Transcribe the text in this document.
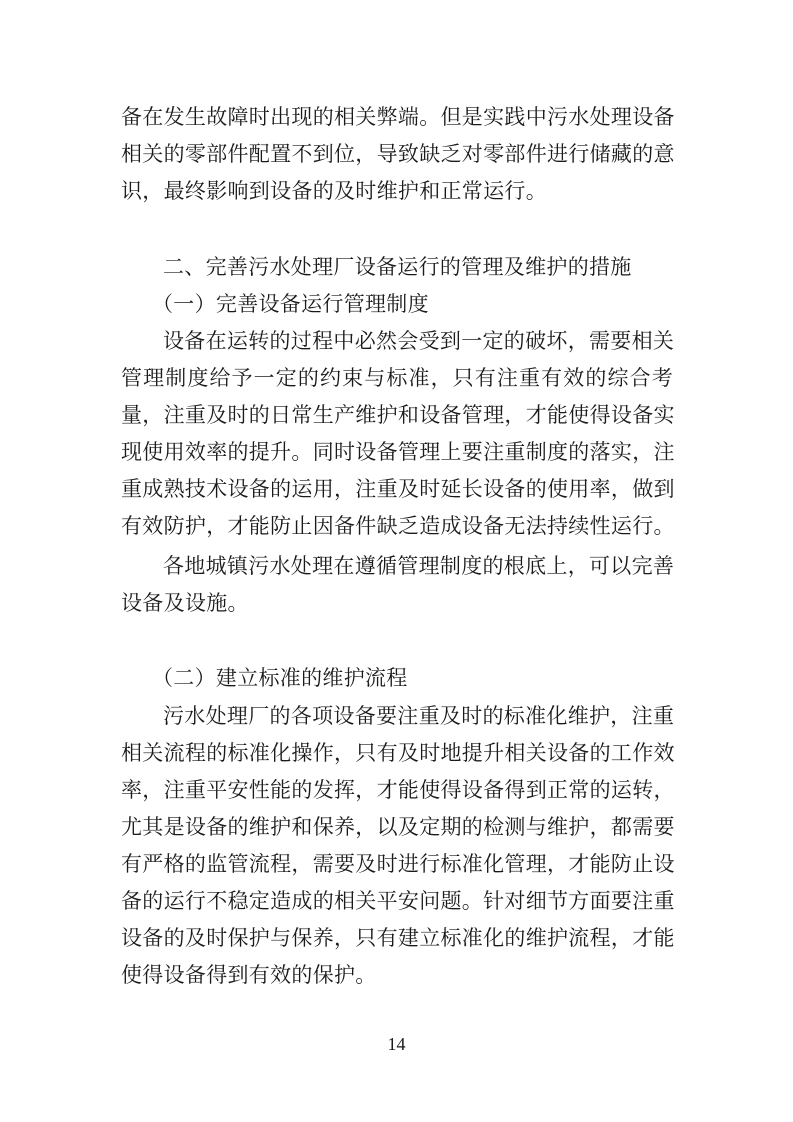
备在发生故障时出现的相关弊端。但是实践中污水处理设备
相关的零部件配置不到位，导致缺乏对零部件进行储藏的意
识，最终影响到设备的及时维护和正常运行。
二、完善污水处理厂设备运行的管理及维护的措施
（一）完善设备运行管理制度
设备在运转的过程中必然会受到一定的破坏，需要相关
管理制度给予一定的约束与标准，只有注重有效的综合考
量，注重及时的日常生产维护和设备管理，才能使得设备实
现使用效率的提升。同时设备管理上要注重制度的落实，注
重成熟技术设备的运用，注重及时延长设备的使用率，做到
有效防护，才能防止因备件缺乏造成设备无法持续性运行。
各地城镇污水处理在遵循管理制度的根底上，可以完善
设备及设施。
（二）建立标准的维护流程
污水处理厂的各项设备要注重及时的标准化维护，注重
相关流程的标准化操作，只有及时地提升相关设备的工作效
率，注重平安性能的发挥，才能使得设备得到正常的运转，
尤其是设备的维护和保养，以及定期的检测与维护，都需要
有严格的监管流程，需要及时进行标准化管理，才能防止设
备的运行不稳定造成的相关平安问题。针对细节方面要注重
设备的及时保护与保养，只有建立标准化的维护流程，才能
使得设备得到有效的保护。
14
